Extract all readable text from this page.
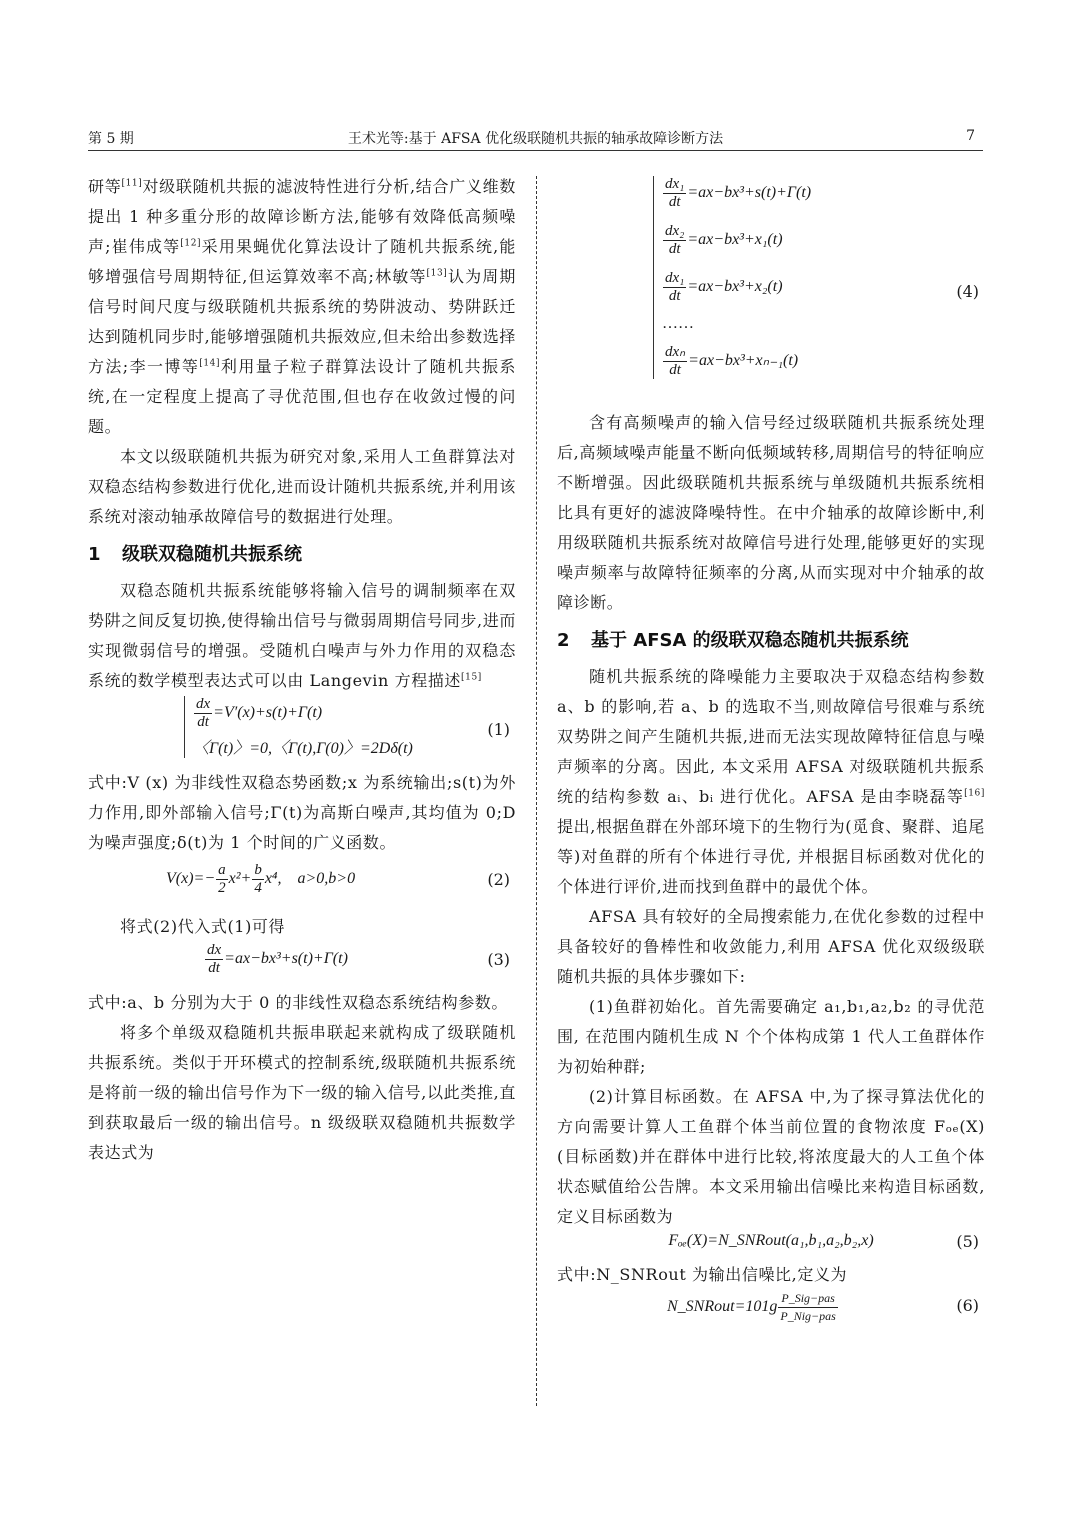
第 5 期	王术光等:基于 AFSA 优化级联随机共振的轴承故障诊断方法	7

研等[11]对级联随机共振的滤波特性进行分析,结合广义维数提出 1 种多重分形的故障诊断方法,能够有效降低高频噪声;崔伟成等[12]采用果蝇优化算法设计了随机共振系统,能够增强信号周期特征,但运算效率不高;林敏等[13]认为周期信号时间尺度与级联随机共振系统的势阱波动、势阱跃迁达到随机同步时,能够增强随机共振效应,但未给出参数选择方法;李一博等[14]利用量子粒子群算法设计了随机共振系统,在一定程度上提高了寻优范围,但也存在收敛过慢的问题。

本文以级联随机共振为研究对象,采用人工鱼群算法对双稳态结构参数进行优化,进而设计随机共振系统,并利用该系统对滚动轴承故障信号的数据进行处理。

1 级联双稳随机共振系统

双稳态随机共振系统能够将输入信号的调制频率在双势阱之间反复切换,使得输出信号与微弱周期信号同步,进而实现微弱信号的增强。受随机白噪声与外力作用的双稳态系统的数学模型表达式可以由 Langevin 方程描述[15]

$\frac{dx}{dt} =V'(x)+s(t)+\Gamma(t)$
〈Γ(t)〉=0,〈Γ(t),Γ(0)〉=2Dδ(t)
(1)

式中:V (x) 为非线性双稳态势函数;x 为系统输出;s(t)为外力作用,即外部输入信号;Γ(t)为高斯白噪声,其均值为 0;D 为噪声强度;δ(t)为 1 个时间的广义函数。

$V(x)=- \frac{a}{2} x^2+ \frac{b}{4} x^4$, a>0,b>0	(2)

将式(2)代入式(1)可得

$\frac{dx}{dt} =ax-bx^3+s(t)+\Gamma(t)$	(3)

式中:a、b 分别为大于 0 的非线性双稳态系统结构参数。

将多个单级双稳随机共振串联起来就构成了级联随机共振系统。类似于开环模式的控制系统,级联随机共振系统是将前一级的输出信号作为下一级的输入信号,以此类推,直到获取最后一级的输出信号。n 级级联双稳随机共振数学表达式为

$\frac{\text{dx₁}}{dt} =ax-bx^3+s(t)+\Gamma(t)$
$\frac{\text{dx₂}}{dt} =ax-bx^3+x_1(t)$
$\frac{\text{dx₁}}{dt} =ax-bx^3+x_2(t)$
……
$\frac{\text{dxₙ}}{dt} =ax-bx^3+x_{n-1}(t)$
(4)

含有高频噪声的输入信号经过级联随机共振系统处理后,高频域噪声能量不断向低频域转移,周期信号的特征响应不断增强。因此级联随机共振系统与单级随机共振系统相比具有更好的滤波降噪特性。在中介轴承的故障诊断中,利用级联随机共振系统对故障信号进行处理,能够更好的实现噪声频率与故障特征频率的分离,从而实现对中介轴承的故障诊断。

2 基于 AFSA 的级联双稳态随机共振系统

随机共振系统的降噪能力主要取决于双稳态结构参数 a、b 的影响,若 a、b 的选取不当,则故障信号很难与系统双势阱之间产生随机共振,进而无法实现故障特征信息与噪声频率的分离。因此, 本文采用 AFSA 对级联随机共振系统的结构参数 aᵢ、bᵢ 进行优化。AFSA 是由李晓磊等[16]提出,根据鱼群在外部环境下的生物行为(觅食、聚群、追尾等)对鱼群的所有个体进行寻优, 并根据目标函数对优化的个体进行评价,进而找到鱼群中的最优个体。

AFSA 具有较好的全局搜索能力,在优化参数的过程中具备较好的鲁棒性和收敛能力,利用 AFSA 优化双级级联随机共振的具体步骤如下:

(1)鱼群初始化。首先需要确定 a₁,b₁,a₂,b₂ 的寻优范围, 在范围内随机生成 N 个个体构成第 1 代人工鱼群体作为初始种群;

(2)计算目标函数。在 AFSA 中,为了探寻算法优化的方向需要计算人工鱼群个体当前位置的食物浓度 Fₒₑ(X)(目标函数)并在群体中进行比较,将浓度最大的人工鱼个体状态赋值给公告牌。本文采用输出信噪比来构造目标函数,定义目标函数为

Fₒₑ(X)=N_SNRout(a₁,b₁,a₂,b₂,x)	(5)

式中:N_SNRout 为输出信噪比,定义为

N_SNRout=101g $\frac{\text{P\_Sig−pas}}{\text{P\_Nig−pas}}$	(6)
